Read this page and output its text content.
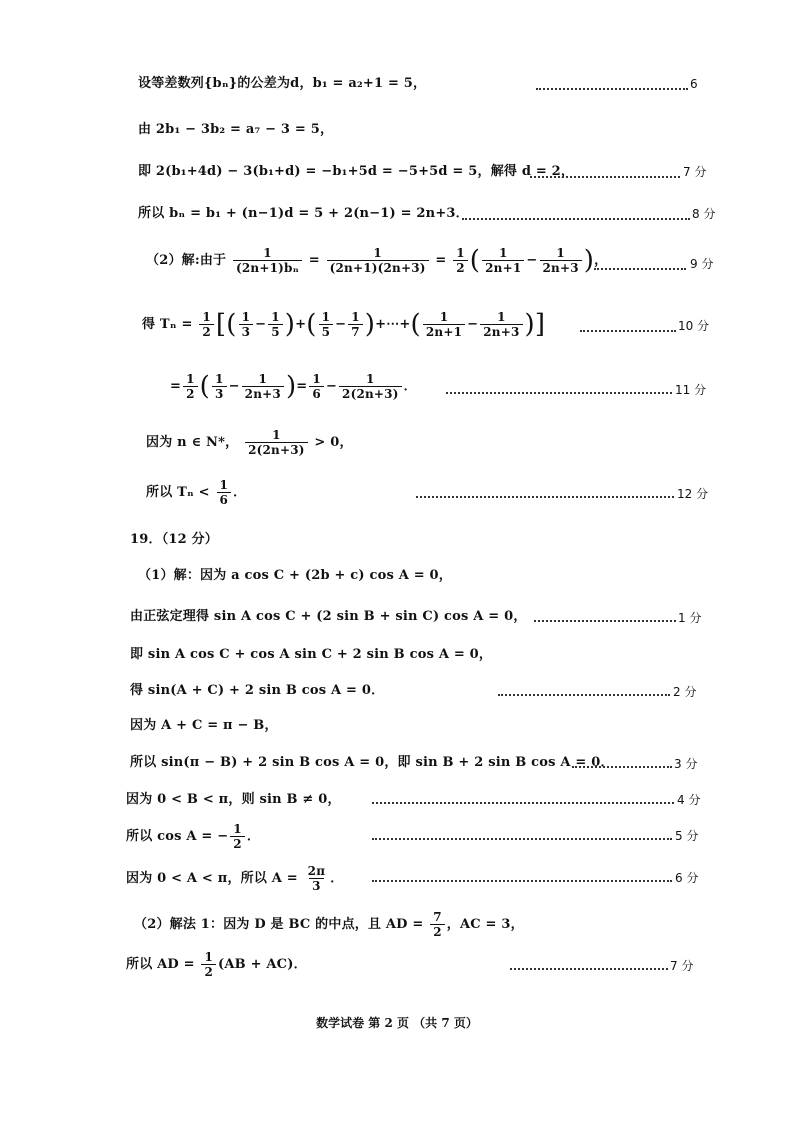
设等差数列{bₙ}的公差为d，b₁ = a₂+1 = 5，	6
由 2b₁ − 3b₂ = a₇ − 3 = 5，
即 2(b₁+4d) − 3(b₁+d) = −b₁+5d = −5+5d = 5，解得 d = 2，	7 分
所以 bₙ = b₁ + (n−1)d = 5 + 2(n−1) = 2n+3．	8 分
（2）解:由于 $\frac{1}{\text{(2n+1)bₙ}} = \frac{1}{(2n+1)(2n+3)} = \frac{1}{2}$ ( $\frac{1}{2n+1} - \frac{1}{2n+3}$ )，	9 分
得 $T_n = \frac{1}{2}$ [( $\frac{1}{3} - \frac{1}{5}$ )+( $\frac{1}{5} - \frac{1}{7}$ )+⋯+( $\frac{1}{2n+1} - \frac{1}{2n+3}$ )]	10 分
= $\frac{1}{2}$ ( $\frac{1}{3} - \frac{1}{2n+3}$ )= $\frac{1}{6} - \frac{1}{2(2n+3)}$ ．	11 分
因为 n ∈ N*， $\frac{1}{2(2n+3)} > 0$，
所以 $T_n < \frac{1}{6}$ ．	12 分
19．（12 分）
（1）解：因为 a cos C + (2b + c) cos A = 0，
由正弦定理得 sin A cos C + (2 sin B + sin C) cos A = 0，	1 分
即 sin A cos C + cos A sin C + 2 sin B cos A = 0，
得 sin(A + C) + 2 sin B cos A = 0．	2 分
因为 A + C = π − B，
所以 sin(π − B) + 2 sin B cos A = 0，即 sin B + 2 sin B cos A = 0．	3 分
因为 0 < B < π，则 sin B ≠ 0，	4 分
所以 cos A = − $\frac{1}{2}$ ．	5 分
因为 0 < A < π，所以 $A = \frac{2\pi}{3}$ ．	6 分
（2）解法 1：因为 D 是 BC 的中点，且 AD = $\frac{7}{2}$ ，AC = 3，
所以 AD = $\frac{1}{2} (AB + AC)$．	7 分
数学试卷 第 2 页 （共 7 页）
